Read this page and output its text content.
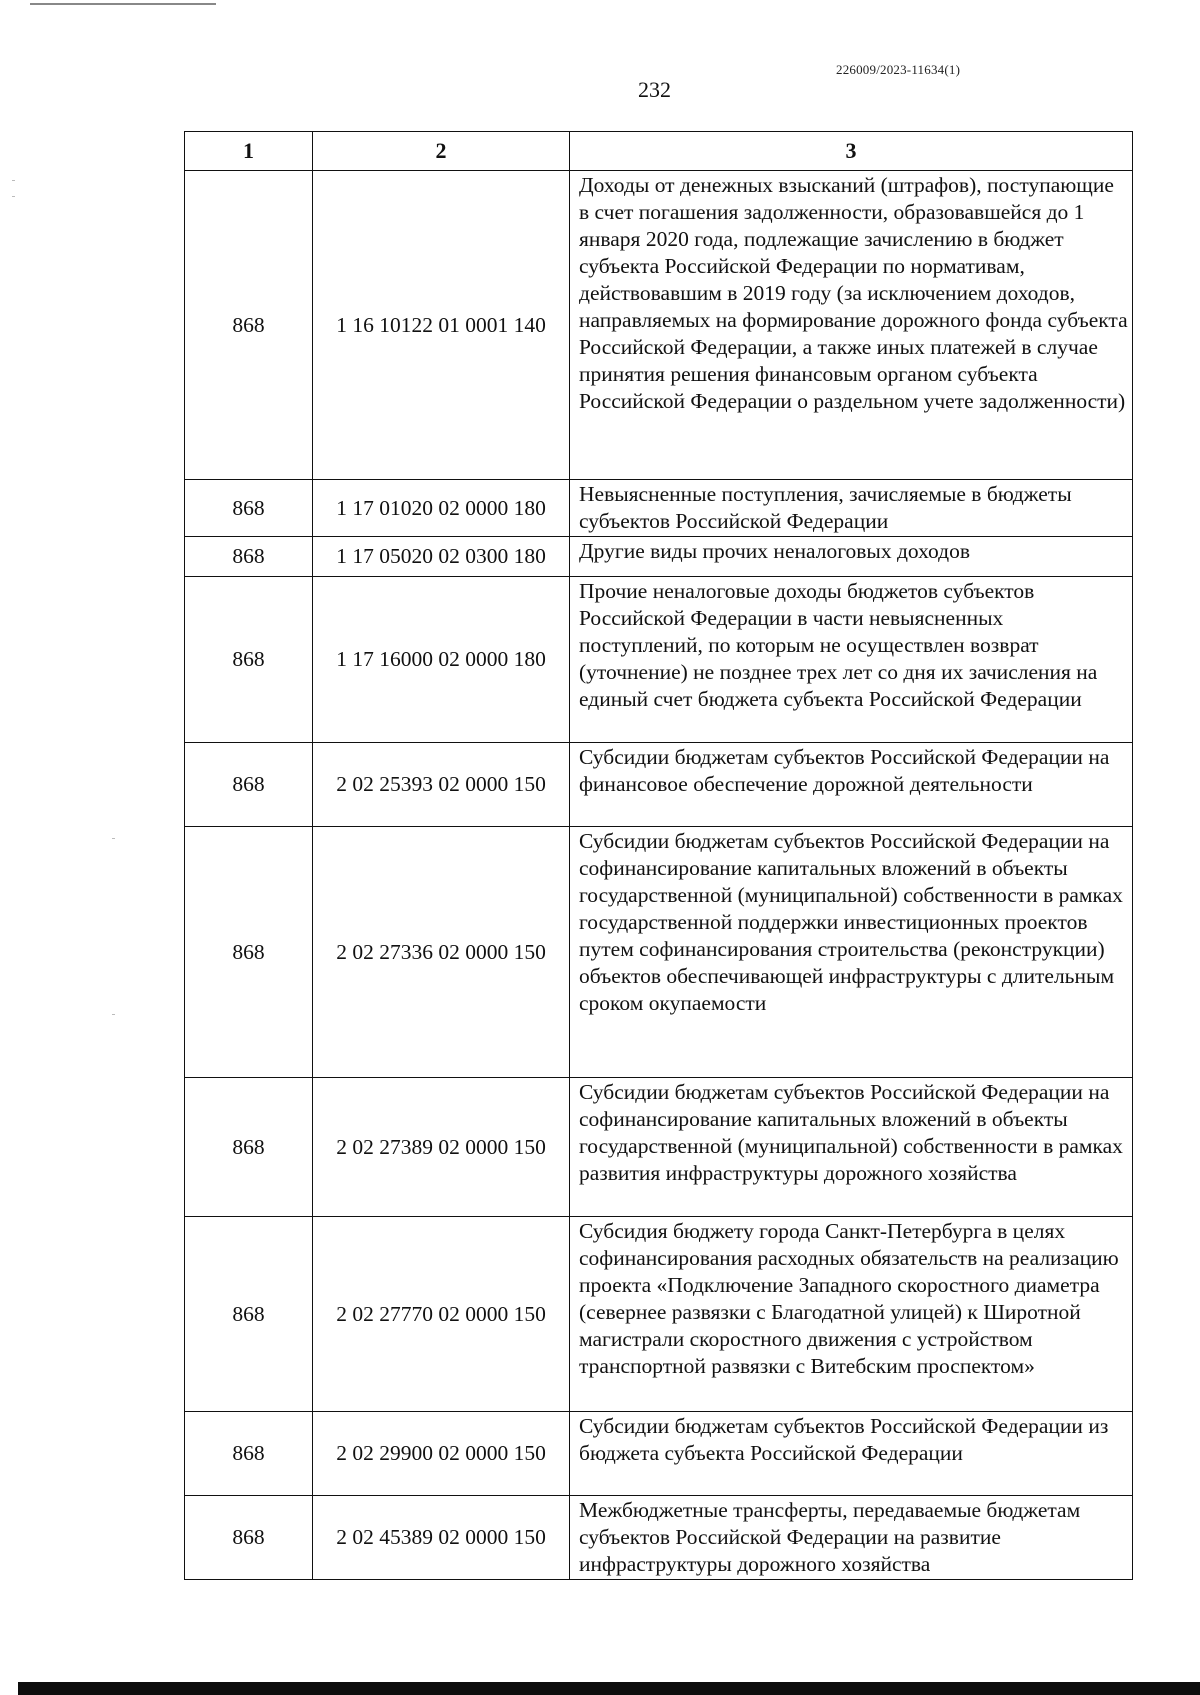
226009/2023-11634(1)
232
1	2	3
868	1 16 10122 01 0001 140	Доходы от денежных взысканий (штрафов), поступающие в счет погашения задолженности, образовавшейся до 1 января 2020 года, подлежащие зачислению в бюджет субъекта Российской Федерации по нормативам, действовавшим в 2019 году (за исключением доходов, направляемых на формирование дорожного фонда субъекта Российской Федерации, а также иных платежей в случае принятия решения финансовым органом субъекта Российской Федерации о раздельном учете задолженности)
868	1 17 01020 02 0000 180	Невыясненные поступления, зачисляемые в бюджеты субъектов Российской Федерации
868	1 17 05020 02 0300 180	Другие виды прочих неналоговых доходов
868	1 17 16000 02 0000 180	Прочие неналоговые доходы бюджетов субъектов Российской Федерации в части невыясненных поступлений, по которым не осуществлен возврат (уточнение) не позднее трех лет со дня их зачисления на единый счет бюджета субъекта Российской Федерации
868	2 02 25393 02 0000 150	Субсидии бюджетам субъектов Российской Федерации на финансовое обеспечение дорожной деятельности
868	2 02 27336 02 0000 150	Субсидии бюджетам субъектов Российской Федерации на софинансирование капитальных вложений в объекты государственной (муниципальной) собственности в рамках государственной поддержки инвестиционных проектов путем софинансирования строительства (реконструкции) объектов обеспечивающей инфраструктуры с длительным сроком окупаемости
868	2 02 27389 02 0000 150	Субсидии бюджетам субъектов Российской Федерации на софинансирование капитальных вложений в объекты государственной (муниципальной) собственности в рамках развития инфраструктуры дорожного хозяйства
868	2 02 27770 02 0000 150	Субсидия бюджету города Санкт-Петербурга в целях софинансирования расходных обязательств на реализацию проекта «Подключение Западного скоростного диаметра (севернее развязки с Благодатной улицей) к Широтной магистрали скоростного движения с устройством транспортной развязки с Витебским проспектом»
868	2 02 29900 02 0000 150	Субсидии бюджетам субъектов Российской Федерации из бюджета субъекта Российской Федерации
868	2 02 45389 02 0000 150	Межбюджетные трансферты, передаваемые бюджетам субъектов Российской Федерации на развитие инфраструктуры дорожного хозяйства
